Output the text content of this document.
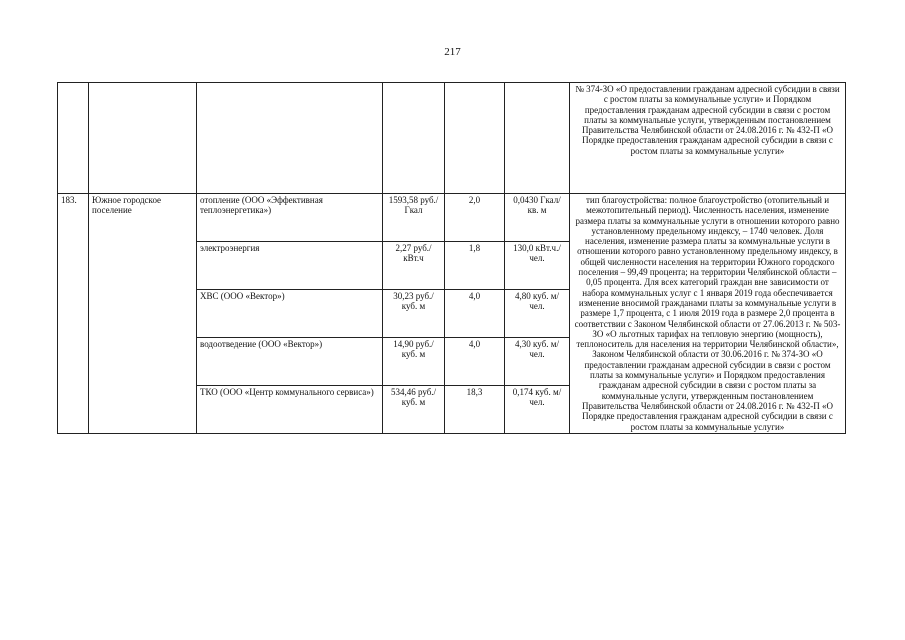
217
						№ 374-ЗО «О предоставлении гражданам адресной субсидии в связи с ростом платы за коммунальные услуги» и Порядком предоставления гражданам адресной субсидии в связи с ростом платы за коммунальные услуги, утвержденным постановлением Правительства Челябинской области от 24.08.2016 г. № 432-П «О Порядке предоставления гражданам адресной субсидии в связи с ростом платы за коммунальные услуги»
183.	Южное городское поселение	отопление (ООО «Эффективная теплоэнергетика»)	1593,58 руб./Гкал	2,0	0,0430 Гкал/кв. м	тип благоустройства: полное благоустройство (отопительный и межотопительный период). Численность населения, изменение размера платы за коммунальные услуги в отношении которого равно установленному предельному индексу, – 1740 человек. Доля населения, изменение размера платы за коммунальные услуги в отношении которого равно установленному предельному индексу, в общей численности населения на территории Южного городского поселения – 99,49 процента; на территории Челябинской области – 0,05 процента. Для всех категорий граждан вне зависимости от набора коммунальных услуг с 1 января 2019 года обеспечивается изменение вносимой гражданами платы за коммунальные услуги в размере 1,7 процента, с 1 июля 2019 года в размере 2,0 процента в соответствии с Законом Челябинской области от 27.06.2013 г. № 503-ЗО «О льготных тарифах на тепловую энергию (мощность), теплоноситель для населения на территории Челябинской области», Законом Челябинской области от 30.06.2016 г. № 374-ЗО «О предоставлении гражданам адресной субсидии в связи с ростом платы за коммунальные услуги» и Порядком предоставления гражданам адресной субсидии в связи с ростом платы за коммунальные услуги, утвержденным постановлением Правительства Челябинской области от 24.08.2016 г. № 432-П «О Порядке предоставления гражданам адресной субсидии в связи с ростом платы за коммунальные услуги»
		электроэнергия	2,27 руб./кВт.ч	1,8	130,0 кВт.ч./чел.	
		ХВС (ООО «Вектор»)	30,23 руб./куб. м	4,0	4,80 куб. м/чел.	
		водоотведение (ООО «Вектор»)	14,90 руб./куб. м	4,0	4,30 куб. м/чел.	
		ТКО (ООО «Центр коммунального сервиса»)	534,46 руб./куб. м	18,3	0,174 куб. м/чел.	
